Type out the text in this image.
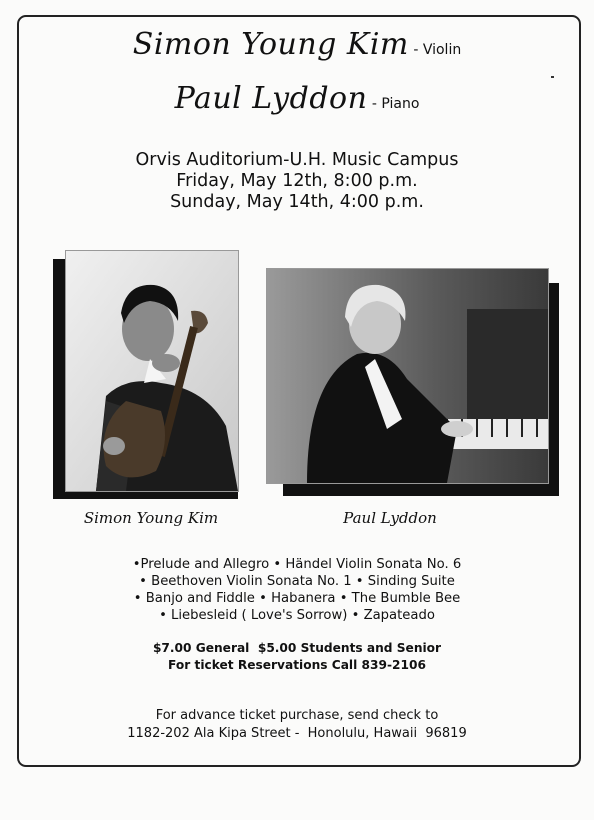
Simon Young Kim - Violin
Paul Lyddon - Piano
Orvis Auditorium-U.H. Music Campus
Friday, May 12th, 8:00 p.m.
Sunday, May 14th, 4:00 p.m.
Simon Young Kim	Paul Lyddon
•Prelude and Allegro • Händel Violin Sonata No. 6
• Beethoven Violin Sonata No. 1 • Sinding Suite
• Banjo and Fiddle • Habanera • The Bumble Bee
• Liebesleid ( Love's Sorrow) • Zapateado
$7.00 General  $5.00 Students and Senior
For ticket Reservations Call 839-2106
For advance ticket purchase, send check to
1182-202 Ala Kipa Street -  Honolulu, Hawaii  96819
